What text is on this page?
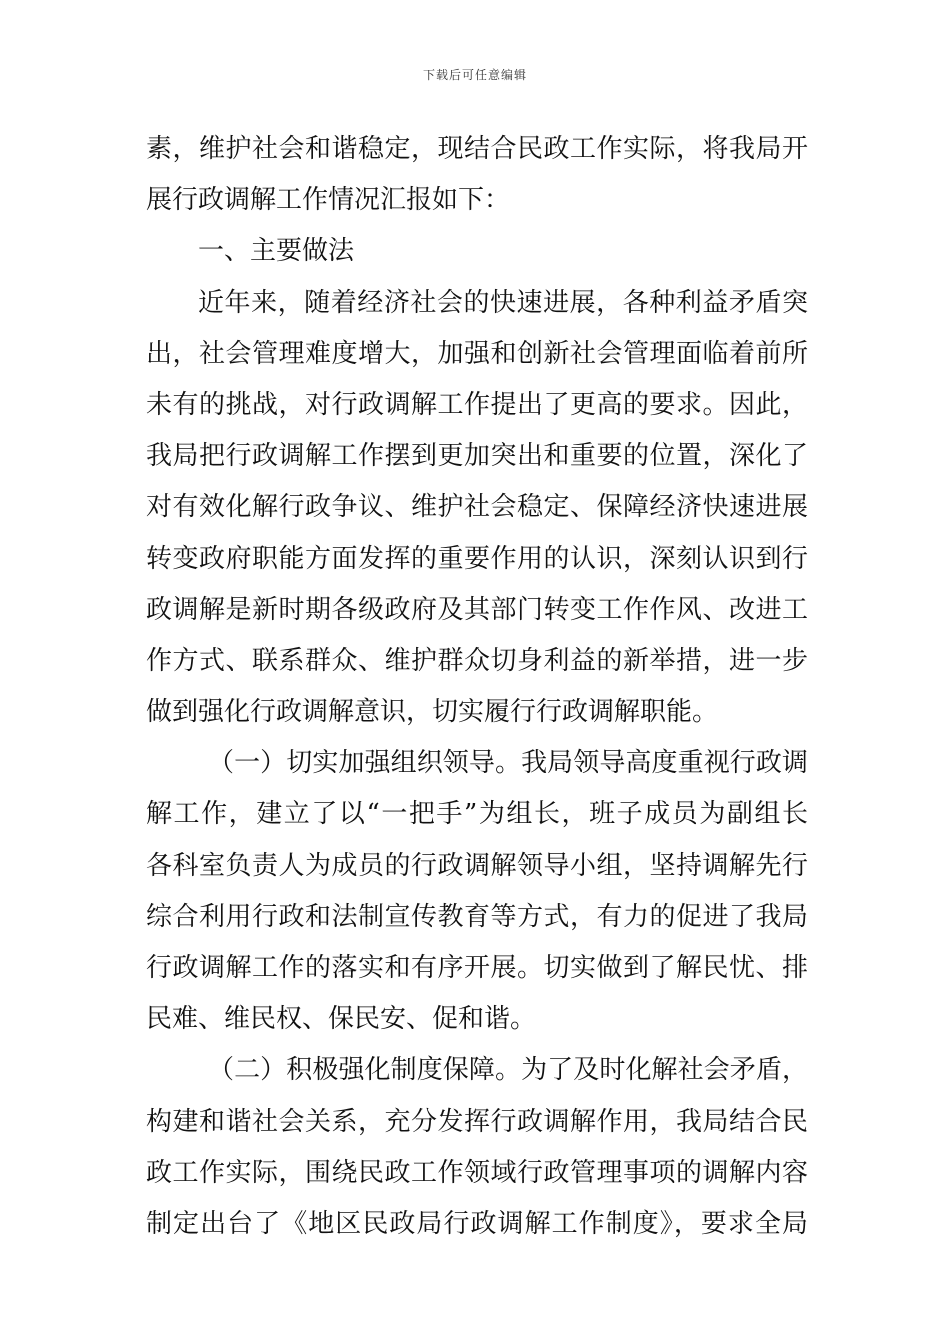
下载后可任意编辑
素，维护社会和谐稳定，现结合民政工作实际，将我局开
展行政调解工作情况汇报如下：
一、主要做法
近年来，随着经济社会的快速进展，各种利益矛盾突
出，社会管理难度增大，加强和创新社会管理面临着前所
未有的挑战，对行政调解工作提出了更高的要求。因此，
我局把行政调解工作摆到更加突出和重要的位置，深化了
对有效化解行政争议、维护社会稳定、保障经济快速进展
转变政府职能方面发挥的重要作用的认识，深刻认识到行
政调解是新时期各级政府及其部门转变工作作风、改进工
作方式、联系群众、维护群众切身利益的新举措，进一步
做到强化行政调解意识，切实履行行政调解职能。
（一）切实加强组织领导。我局领导高度重视行政调
解工作，建立了以“一把手”为组长，班子成员为副组长
各科室负责人为成员的行政调解领导小组，坚持调解先行
综合利用行政和法制宣传教育等方式，有力的促进了我局
行政调解工作的落实和有序开展。切实做到了解民忧、排
民难、维民权、保民安、促和谐。
（二）积极强化制度保障。为了及时化解社会矛盾，
构建和谐社会关系，充分发挥行政调解作用，我局结合民
政工作实际，围绕民政工作领域行政管理事项的调解内容
制定出台了《地区民政局行政调解工作制度》，要求全局
